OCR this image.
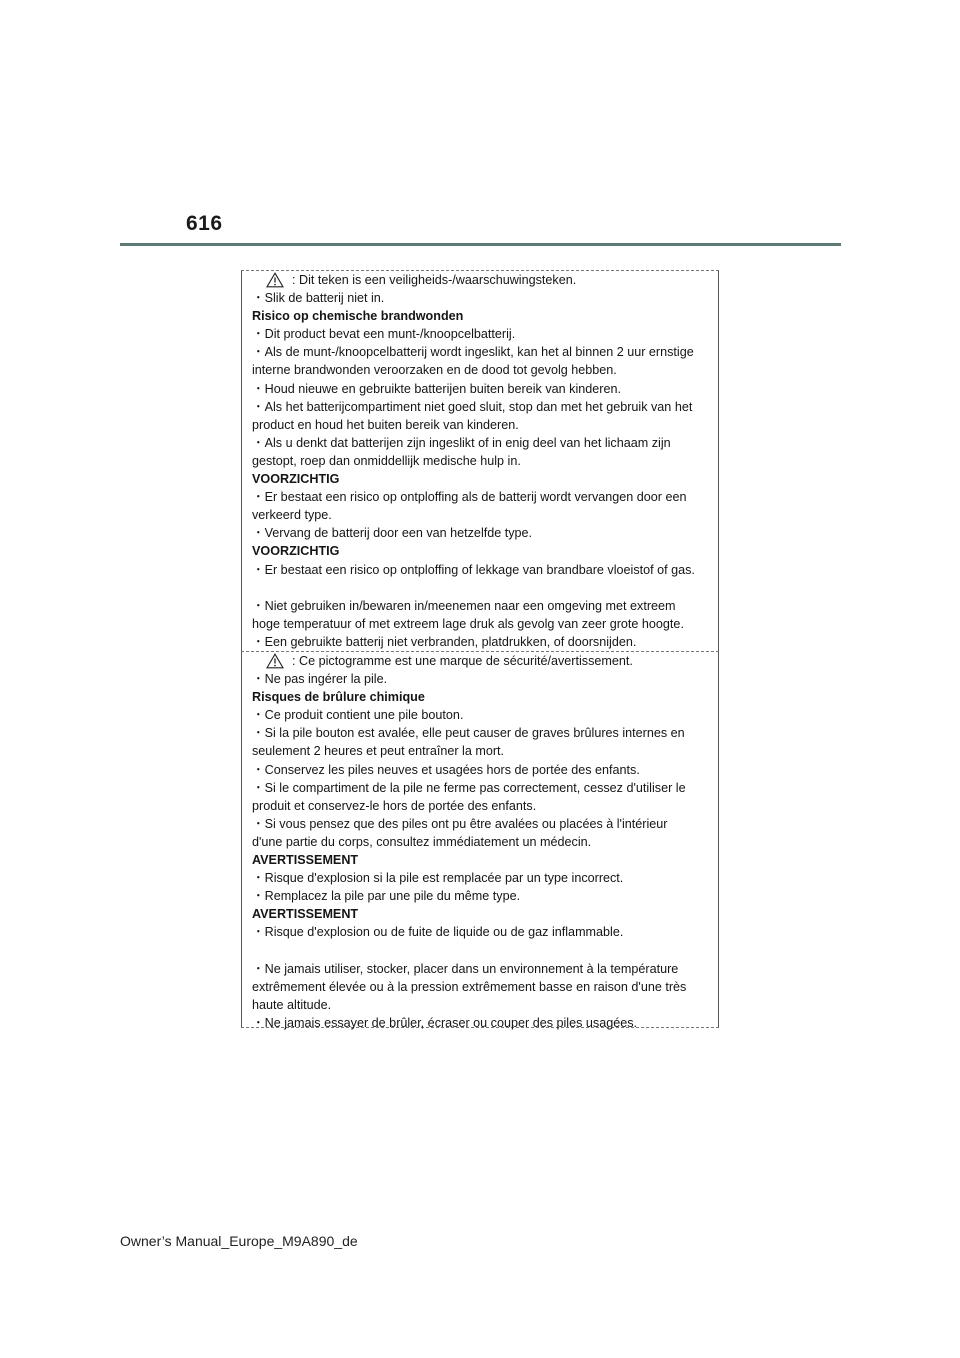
616
: Dit teken is een veiligheids-/waarschuwingsteken.
・Slik de batterij niet in.
Risico op chemische brandwonden
・Dit product bevat een munt-/knoopcelbatterij.
・Als de munt-/knoopcelbatterij wordt ingeslikt, kan het al binnen 2 uur ernstige
interne brandwonden veroorzaken en de dood tot gevolg hebben.
・Houd nieuwe en gebruikte batterijen buiten bereik van kinderen.
・Als het batterijcompartiment niet goed sluit, stop dan met het gebruik van het
product en houd het buiten bereik van kinderen.
・Als u denkt dat batterijen zijn ingeslikt of in enig deel van het lichaam zijn
gestopt, roep dan onmiddellijk medische hulp in.
VOORZICHTIG
・Er bestaat een risico op ontploffing als de batterij wordt vervangen door een
verkeerd type.
・Vervang de batterij door een van hetzelfde type.
VOORZICHTIG
・Er bestaat een risico op ontploffing of lekkage van brandbare vloeistof of gas.
・Niet gebruiken in/bewaren in/meenemen naar een omgeving met extreem
hoge temperatuur of met extreem lage druk als gevolg van zeer grote hoogte.
・Een gebruikte batterij niet verbranden, platdrukken, of doorsnijden.
: Ce pictogramme est une marque de sécurité/avertissement.
・Ne pas ingérer la pile.
Risques de brûlure chimique
・Ce produit contient une pile bouton.
・Si la pile bouton est avalée, elle peut causer de graves brûlures internes en
seulement 2 heures et peut entraîner la mort.
・Conservez les piles neuves et usagées hors de portée des enfants.
・Si le compartiment de la pile ne ferme pas correctement, cessez d'utiliser le
produit et conservez-le hors de portée des enfants.
・Si vous pensez que des piles ont pu être avalées ou placées à l'intérieur
d'une partie du corps, consultez immédiatement un médecin.
AVERTISSEMENT
・Risque d'explosion si la pile est remplacée par un type incorrect.
・Remplacez la pile par une pile du même type.
AVERTISSEMENT
・Risque d'explosion ou de fuite de liquide ou de gaz inflammable.
・Ne jamais utiliser, stocker, placer dans un environnement à la température
extrêmement élevée ou à la pression extrêmement basse en raison d'une très
haute altitude.
・Ne jamais essayer de brûler, écraser ou couper des piles usagées.
Owner’s Manual_Europe_M9A890_de
